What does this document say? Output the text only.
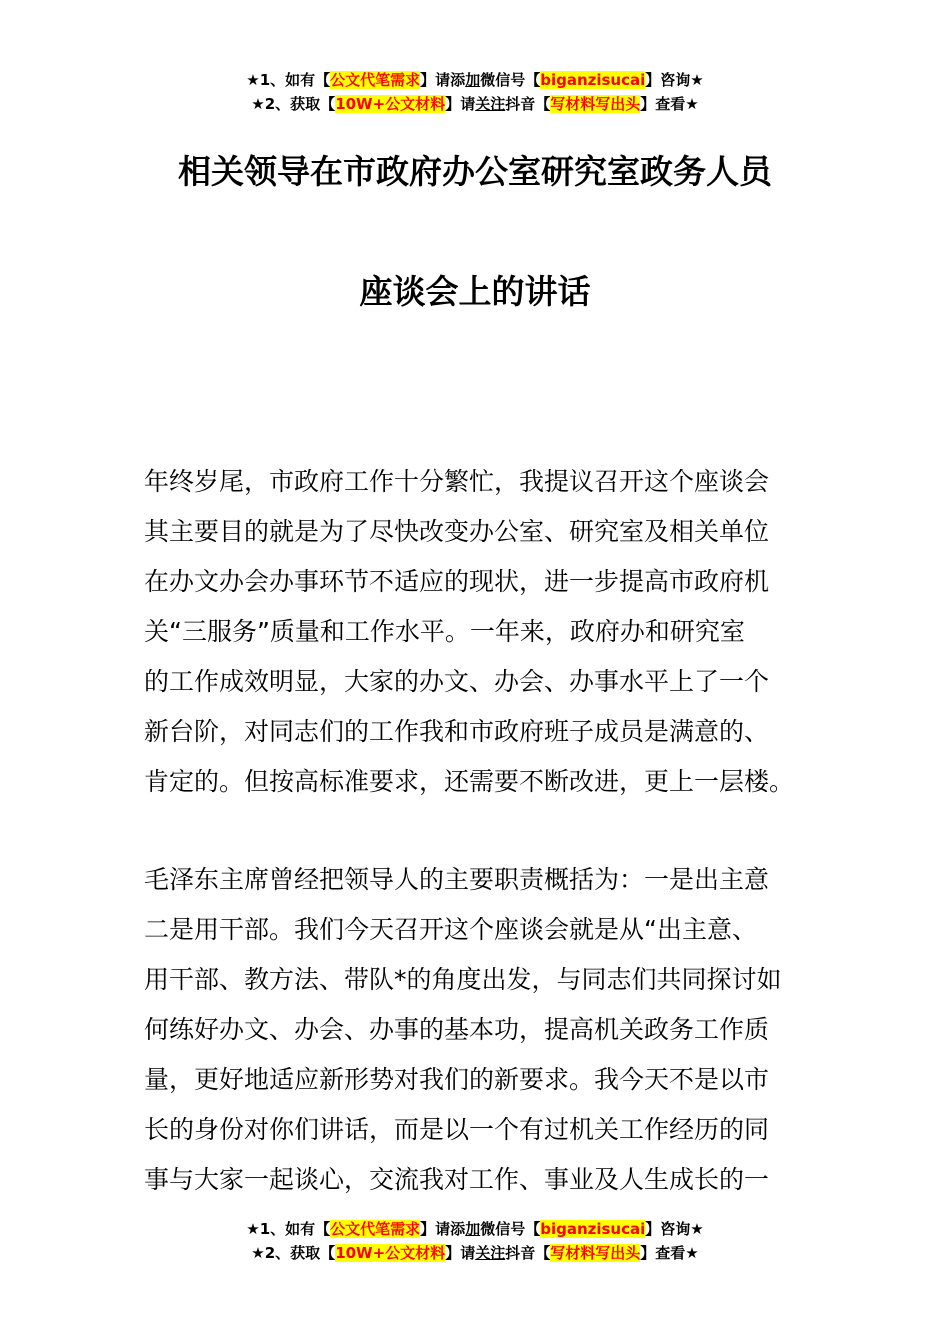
★1、如有【公文代笔需求】请添加微信号【biganzisucai】咨询★
★2、获取【10W+公文材料】请关注抖音【写材料写出头】查看★
相关领导在市政府办公室研究室政务人员
座谈会上的讲话
年终岁尾，市政府工作十分繁忙，我提议召开这个座谈会
其主要目的就是为了尽快改变办公室、研究室及相关单位
在办文办会办事环节不适应的现状，进一步提高市政府机
关“三服务”质量和工作水平。一年来，政府办和研究室
的工作成效明显，大家的办文、办会、办事水平上了一个
新台阶，对同志们的工作我和市政府班子成员是满意的、
肯定的。但按高标准要求，还需要不断改进，更上一层楼。
毛泽东主席曾经把领导人的主要职责概括为：一是出主意
二是用干部。我们今天召开这个座谈会就是从“出主意、
用干部、教方法、带队*的角度出发，与同志们共同探讨如
何练好办文、办会、办事的基本功，提高机关政务工作质
量，更好地适应新形势对我们的新要求。我今天不是以市
长的身份对你们讲话，而是以一个有过机关工作经历的同
事与大家一起谈心，交流我对工作、事业及人生成长的一
★1、如有【公文代笔需求】请添加微信号【biganzisucai】咨询★
★2、获取【10W+公文材料】请关注抖音【写材料写出头】查看★
